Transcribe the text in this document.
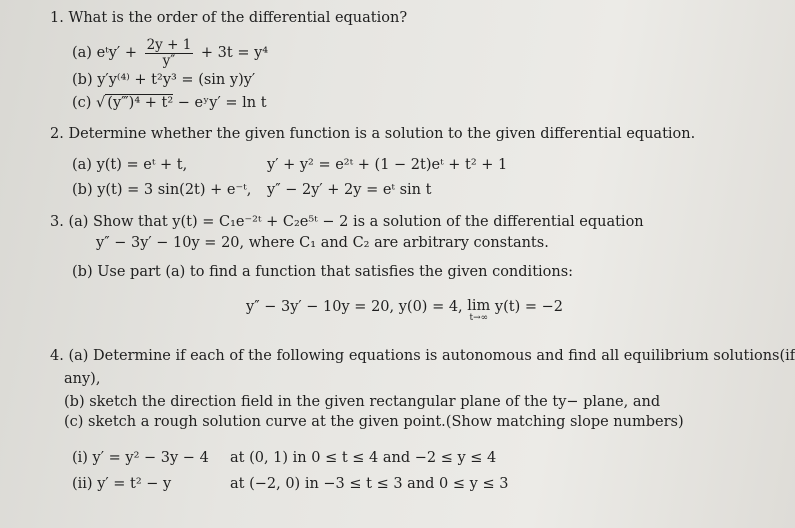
1. What is the order of the differential equation?
(a) eᵗy′ + $\frac{2y + 1}{y''} + 3t = y^4$
(b) y′y⁽⁴⁾ + t²y³ = (sin y)y′
(c) √ (y‴)⁴ + t² − eʸy′ = ln t
2. Determine whether the given function is a solution to the given differential equation.
(a) y(t) = eᵗ + t,	y′ + y² = e²ᵗ + (1 − 2t)eᵗ + t² + 1
(b) y(t) = 3 sin(2t) + e⁻ᵗ, y″ − 2y′ + 2y = eᵗ sin t
3. (a) Show that y(t) = C₁e⁻²ᵗ + C₂e⁵ᵗ − 2 is a solution of the differential equation
y″ − 3y′ − 10y = 20, where C₁ and C₂ are arbitrary constants.
(b) Use part (a) to find a function that satisfies the given conditions:
y″ − 3y′ − 10y = 20, y(0) = 4, lim
t→∞
y(t) = −2
4. (a) Determine if each of the following equations is autonomous and find all equilibrium solutions(if
any),
(b) sketch the direction field in the given rectangular plane of the ty− plane, and
(c) sketch a rough solution curve at the given point.(Show matching slope numbers)
(i) y′ = y² − 3y − 4 at (0, 1) in 0 ≤ t ≤ 4 and −2 ≤ y ≤ 4
(ii) y′ = t² − y	at (−2, 0) in −3 ≤ t ≤ 3 and 0 ≤ y ≤ 3
